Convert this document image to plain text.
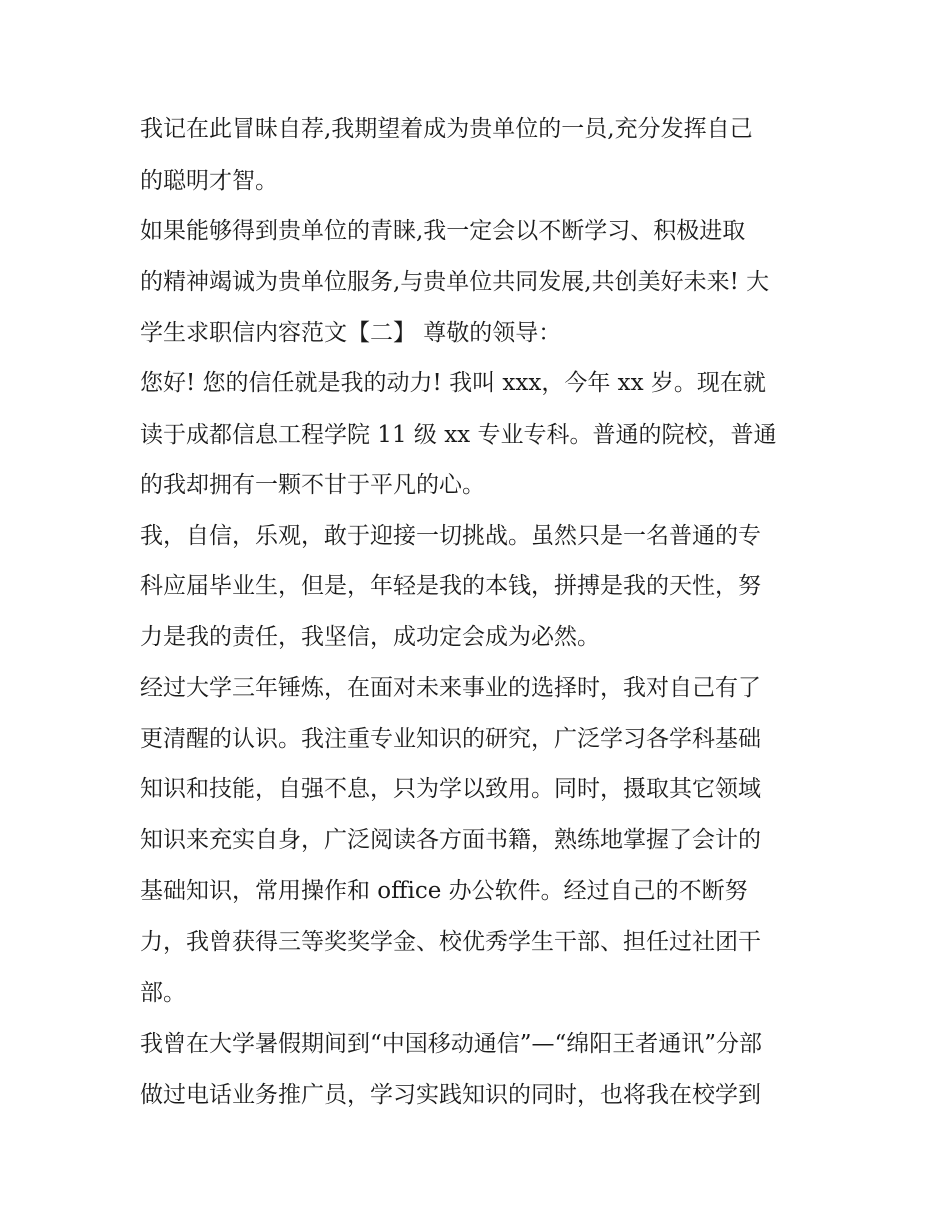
我记在此冒昧自荐,我期望着成为贵单位的一员,充分发挥自己

的聪明才智。

如果能够得到贵单位的青睐,我一定会以不断学习、积极进取

的精神竭诚为贵单位服务,与贵单位共同发展,共创美好未来! 大

学生求职信内容范文【二】 尊敬的领导：

您好! 您的信任就是我的动力! 我叫 xxx，今年 xx 岁。现在就

读于成都信息工程学院 11 级 xx 专业专科。普通的院校，普通

的我却拥有一颗不甘于平凡的心。

我，自信，乐观，敢于迎接一切挑战。虽然只是一名普通的专

科应届毕业生，但是，年轻是我的本钱，拼搏是我的天性，努

力是我的责任，我坚信，成功定会成为必然。

经过大学三年锤炼，在面对未来事业的选择时，我对自己有了

更清醒的认识。我注重专业知识的研究，广泛学习各学科基础

知识和技能，自强不息，只为学以致用。同时，摄取其它领域

知识来充实自身，广泛阅读各方面书籍，熟练地掌握了会计的

基础知识，常用操作和 office 办公软件。经过自己的不断努

力，我曾获得三等奖奖学金、校优秀学生干部、担任过社团干

部。

我曾在大学暑假期间到“中国移动通信”—“绵阳王者通讯”分部

做过电话业务推广员，学习实践知识的同时，也将我在校学到
